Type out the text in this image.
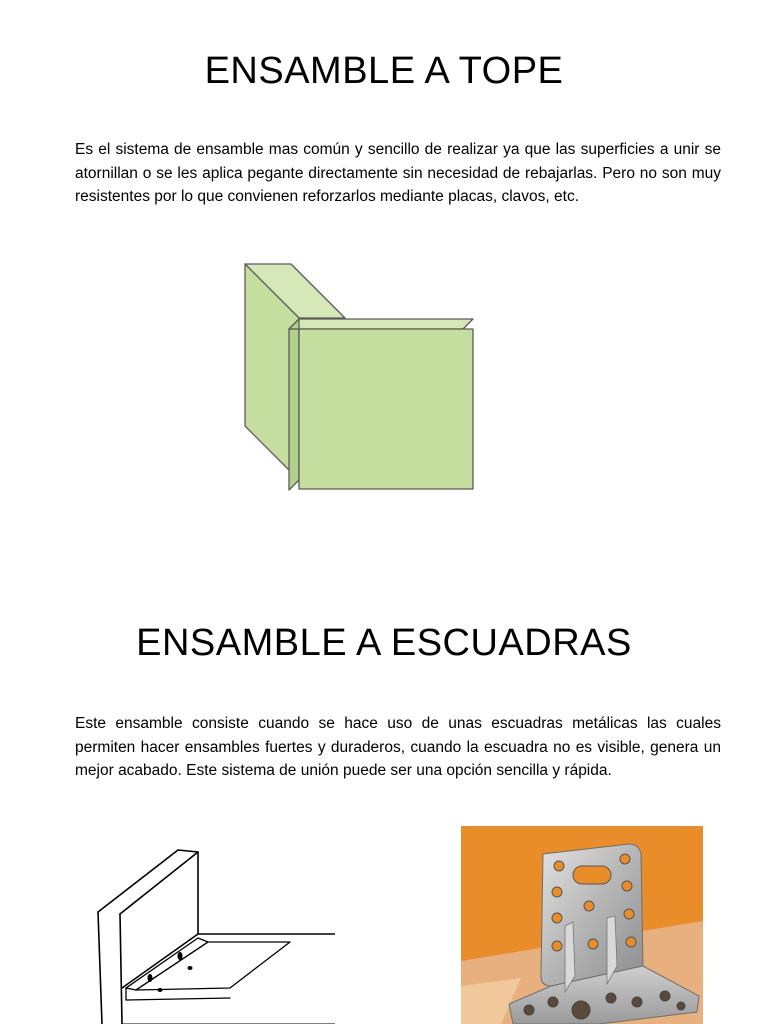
ENSAMBLE A TOPE

Es el sistema de ensamble mas común y sencillo de realizar ya que las superficies a unir se atornillan o se les aplica pegante directamente sin necesidad de rebajarlas. Pero no son muy resistentes por lo que convienen reforzarlos mediante placas, clavos, etc.

ENSAMBLE A ESCUADRAS

Este ensamble consiste cuando se hace uso de unas escuadras metálicas las cuales permiten hacer ensambles fuertes y duraderos, cuando la escuadra no es visible, genera un mejor acabado. Este sistema de unión puede ser una opción sencilla y rápida.
